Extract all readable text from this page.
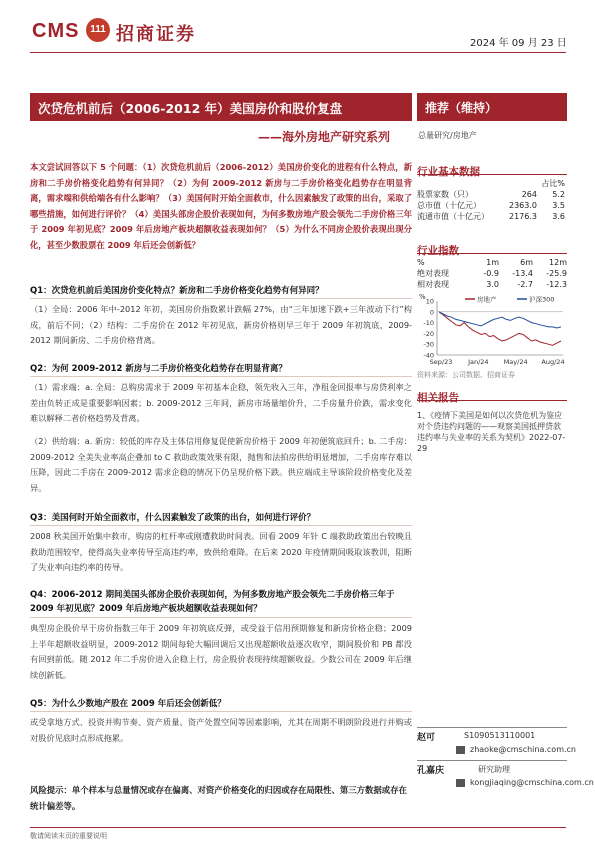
CMS	111 招商证券	2024 年 09 月 23 日
次贷危机前后（2006-2012 年）美国房价和股价复盘
——海外房地产研究系列
本文尝试回答以下 5 个问题：（1）次贷危机前后（2006-2012）美国房价变化的进程有什么特点，新房和二手房价格变化趋势有何异同？（2）为何 2009-2012 新房与二手房价格变化趋势存在明显背离，需求端和供给端各有什么影响？（3）美国何时开始全面救市，什么因素触发了政策的出台，采取了哪些措施，如何进行评价？（4）美国头部房企股价表现如何，为何多数房地产股会领先二手房价格三年于 2009 年初见底？2009 年后房地产板块超额收益表现如何？（5）为什么不同房企股价表现出现分化，甚至少数股票在 2009 年后还会创新低？
Q1：次贷危机前后美国房价变化特点？新房和二手房价格变化趋势有何异同？
（1）全局：2006 年中-2012 年初，美国房价指数累计跌幅 27%，由“三年加速下跌+三年波动下行”构成，前后不同；（2）结构：二手房价在 2012 年初见底，新房价格则早三年于 2009 年初筑底，2009-2012 期间新房、二手房价格背离。
Q2：为何 2009-2012 新房与二手房价格变化趋势存在明显背离？
（1）需求端：a. 全局：总购房需求于 2009 年初基本企稳，领先收入三年，净租金回报率与房贷利率之差由负转正成是重要影响因素；b. 2009-2012 三年间，新房市场量缩价升，二手房量升价跌，需求变化难以解释二者价格趋势及背离。
（2）供给端：a. 新房：较低的库存及主体信用修复促使新房价格于 2009 年初便筑底回升；b. 二手房：2009-2012 全美失业率高企叠加 to C 救助政策效果有限，抛售和法拍房供给明显增加，二手房库存难以压降，因此二手房在 2009-2012 需求企稳的情况下仍呈现价格下跌。供应端成主导该阶段价格变化及差异。
Q3：美国何时开始全面救市，什么因素触发了政策的出台，如何进行评价？
2008 秋美国开始集中救市，购房的杠杆率或刚遭救助时间表。回看 2009 年针 C 端救助政策出台较晚且救助范围较窄，使得高失业率传导至高违约率，致供给难降。在后来 2020 年疫情期间吸取该教训，阻断了失业率向违约率的传导。
Q4：2006-2012 期间美国头部房企股价表现如何，为何多数房地产股会领先二手房价格三年于 2009 年初见底？2009 年后房地产板块超额收益表现如何？
典型房企股价早于房价指数三年于 2009 年初筑底反弹，或受益于信用预期修复和新房价格企稳；2009 上半年超额收益明显，2009-2012 期间每轮大幅回调后又出现超额收益逐次收窄，期间股价和 PB 都没有回到前低。随 2012 年二手房价进入企稳上行，房企股价表现持续超额收益。少数公司在 2009 年后继续创新低。
Q5：为什么少数地产股在 2009 年后还会创新低？
或受拿地方式、投资并购节奏、资产质量、资产处置空间等因素影响，尤其在周期不明朗阶段进行并购或对股价见底时点形成拖累。
风险提示：单个样本与总量情况或存在偏离、对资产价格变化的归因或存在局限性、第三方数据或存在统计偏差等。
推荐（维持）
总量研究/房地产
行业基本数据
占比%
股票家数（只）	264	5.2
总市值（十亿元）	2363.0	3.5
流通市值（十亿元）	2176.3	3.6
行业指数
%	1m	6m	12m
绝对表现	-0.9	-13.4	-25.9
相对表现	3.0	-2.7	-12.3
%
10
0
-10
-20
-30
-40
Sep/23 Jan/24 May/24 Aug/24
房地产	沪深300
资料来源：公司数据、招商证券
相关报告
1、《疫情下美国是如何以次贷危机为鉴应对个贷违约问题的——观察美国抵押贷款违约率与失业率的关系为契机》2022-07-29
赵可	S1090513110001
zhaoke@cmschina.com.cn
孔嘉庆	研究助理
kongjiaqing@cmschina.com.cn
敬请阅读末页的重要说明
